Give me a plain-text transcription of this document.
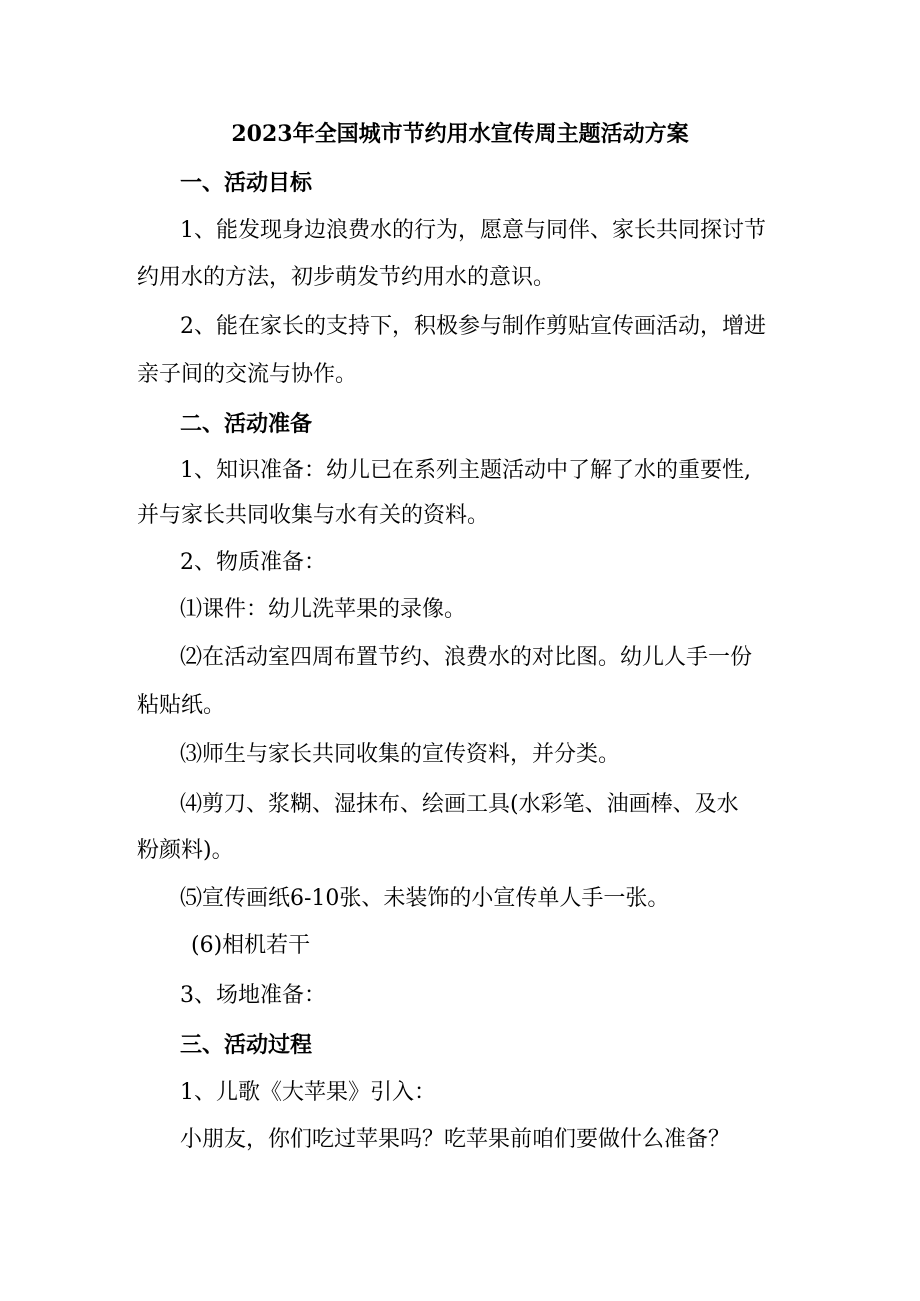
2023年全国城市节约用水宣传周主题活动方案

一、活动目标

1、能发现身边浪费水的行为，愿意与同伴、家长共同探讨节

约用水的方法，初步萌发节约用水的意识。

2、能在家长的支持下，积极参与制作剪贴宣传画活动，增进

亲子间的交流与协作。

二、活动准备

1、知识准备：幼儿已在系列主题活动中了解了水的重要性,

并与家长共同收集与水有关的资料。

2、物质准备：

⑴课件：幼儿洗苹果的录像。

⑵在活动室四周布置节约、浪费水的对比图。幼儿人手一份

粘贴纸。

⑶师生与家长共同收集的宣传资料，并分类。

⑷剪刀、浆糊、湿抹布、绘画工具(水彩笔、油画棒、及水

粉颜料)。

⑸宣传画纸6-10张、未装饰的小宣传单人手一张。

(6)相机若干

3、场地准备：

三、活动过程

1、儿歌《大苹果》引入：

小朋友，你们吃过苹果吗？吃苹果前咱们要做什么准备？
